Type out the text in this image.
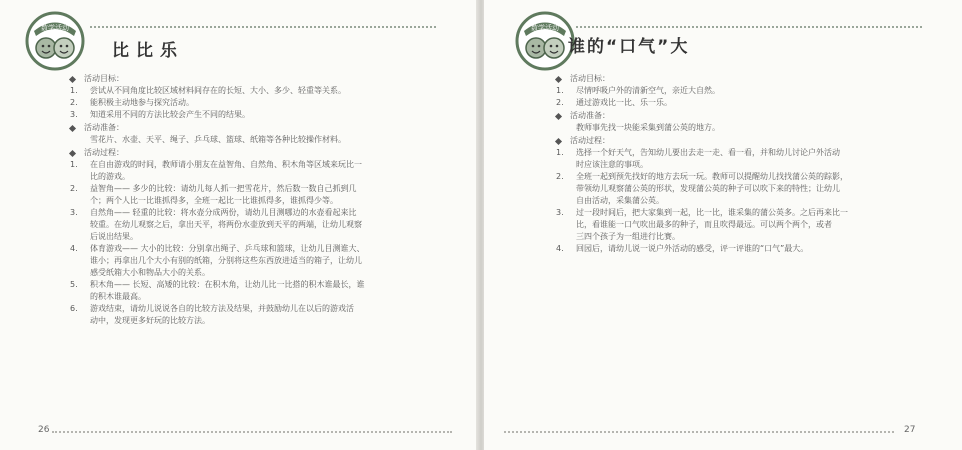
数学活动
比比乐
活动目标：
1.	尝试从不同角度比较区域材料间存在的长短、大小、多少、轻重等关系。
2.	能积极主动地参与探究活动。
3.	知道采用不同的方法比较会产生不同的结果。
活动准备：
雪花片、水壶、天平、绳子、乒乓球、篮球、纸箱等各种比较操作材料。
活动过程：
1.	在自由游戏的时间，教师请小朋友在益智角、自然角、积木角等区域来玩比一
比的游戏。
2.	益智角—— 多少的比较：请幼儿每人抓一把雪花片，然后数一数自己抓到几
个；两个人比一比谁抓得多，全班一起比一比谁抓得多，谁抓得少等。
3.	自然角—— 轻重的比较：将水壶分成两份，请幼儿目测哪边的水壶看起来比
较重。在幼儿观察之后，拿出天平，将两份水壶放到天平的两端，让幼儿观察
后说出结果。
4.	体育游戏—— 大小的比较：分别拿出绳子、乒乓球和篮球，让幼儿目测谁大、
谁小；再拿出几个大小有别的纸箱，分别将这些东西放进适当的箱子，让幼儿
感受纸箱大小和物品大小的关系。
5.	积木角—— 长短、高矮的比较：在积木角，让幼儿比一比搭的积木谁最长，谁
的积木谁最高。
6.	游戏结束，请幼儿说说各自的比较方法及结果，并鼓励幼儿在以后的游戏活
动中，发现更多好玩的比较方法。
26
数学活动
谁的“口气”大
活动目标：
1.	尽情呼吸户外的清新空气，亲近大自然。
2.	通过游戏比一比、乐一乐。
活动准备：
教师事先找一块能采集到蒲公英的地方。
活动过程：
1.	选择一个好天气，告知幼儿要出去走一走、看一看，并和幼儿讨论户外活动
时应该注意的事项。
2.	全班一起到预先找好的地方去玩一玩。教师可以提醒幼儿找找蒲公英的踪影，
带领幼儿观察蒲公英的形状，发现蒲公英的种子可以吹下来的特性；让幼儿
自由活动，采集蒲公英。
3.	过一段时间后，把大家集到一起，比一比，谁采集的蒲公英多。之后再来比一
比，看谁能一口气吹出最多的种子，而且吹得最远。可以两个两个，或者
三四个孩子为一组进行比赛。
4.	回园后，请幼儿说一说户外活动的感受，评一评谁的“口气”最大。
27
